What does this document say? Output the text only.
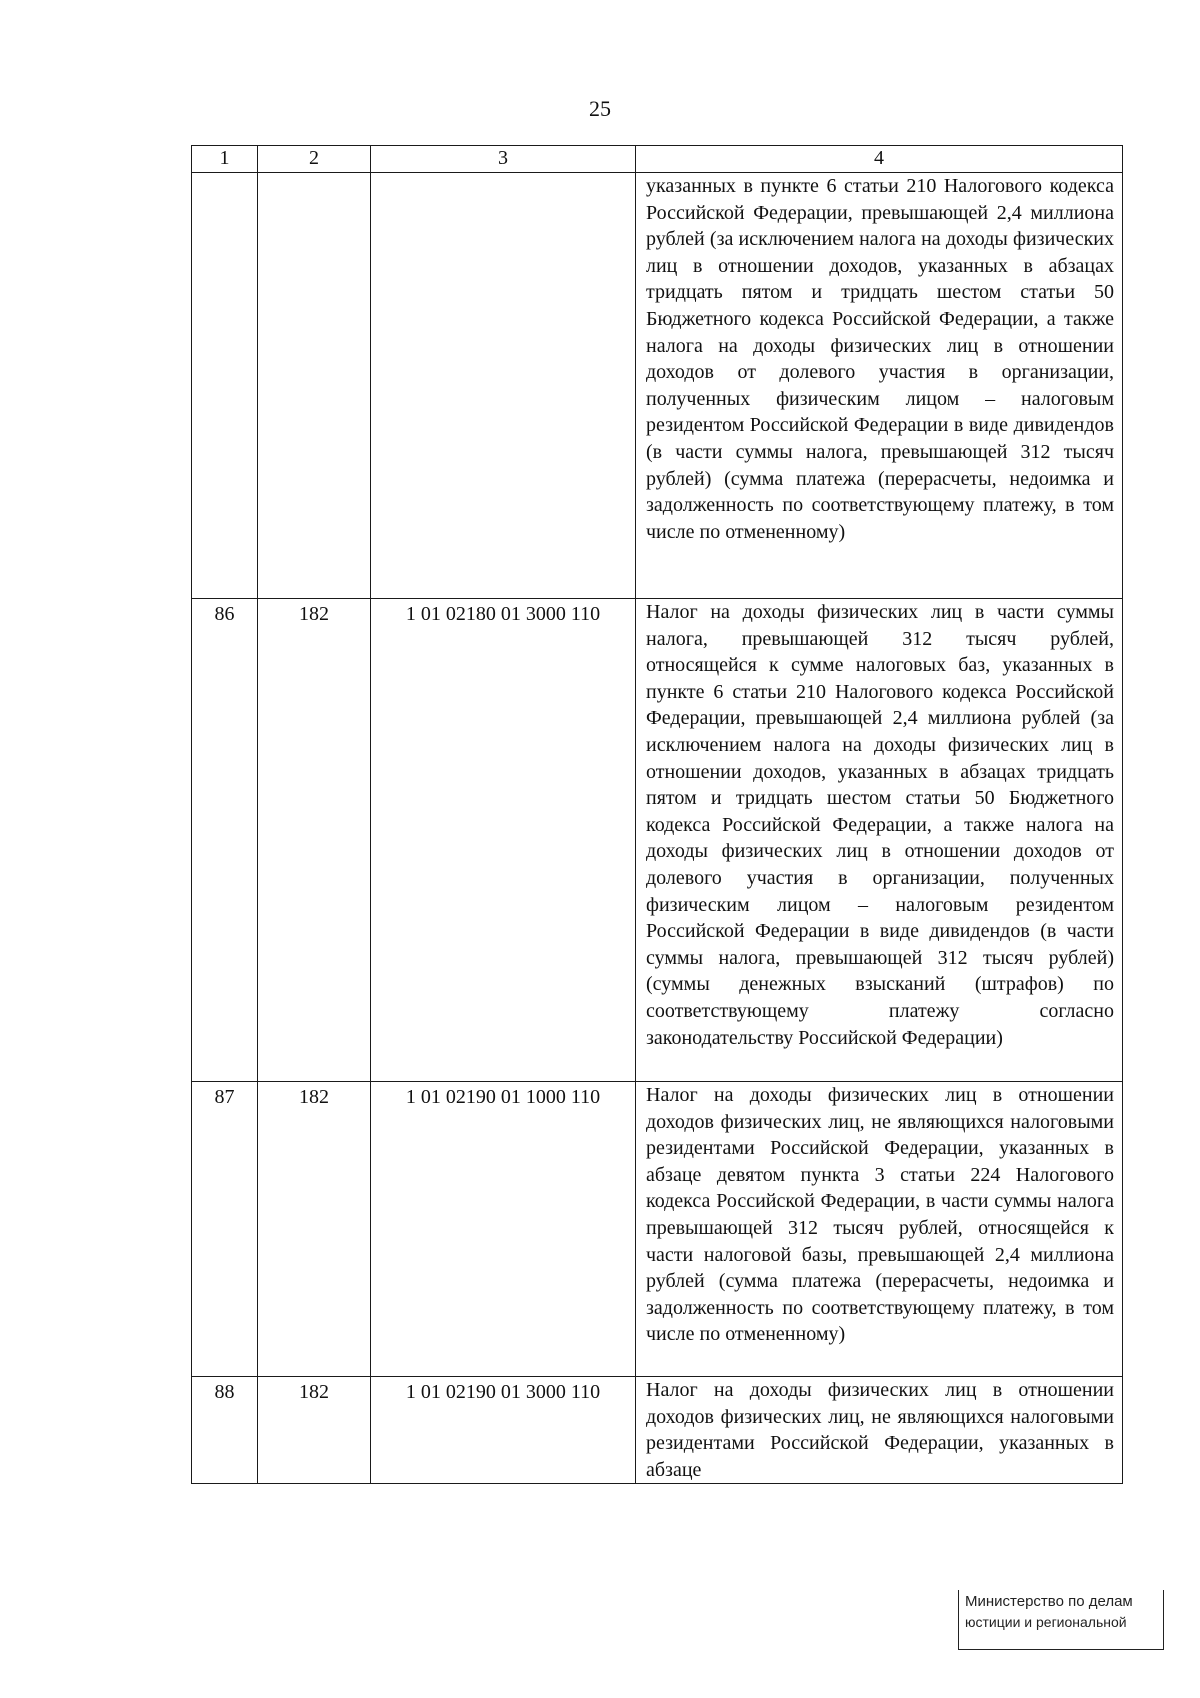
25
1	2	3	4
			указанных в пункте 6 статьи 210 Налогового кодекса Российской Федерации, превышающей 2,4 миллиона рублей (за исключением налога на доходы физических лиц в отношении доходов, указанных в абзацах тридцать пятом и тридцать шестом статьи 50 Бюджетного кодекса Российской Федерации, а также налога на доходы физических лиц в отношении доходов от долевого участия в организации, полученных физическим лицом – налоговым резидентом Российской Федерации в виде дивидендов (в части суммы налога, превышающей 312 тысяч рублей) (сумма платежа (перерасчеты, недоимка и задолженность по соответствующему платежу, в том числе по отмененному)
86	182	1 01 02180 01 3000 110	Налог на доходы физических лиц в части суммы налога, превышающей 312 тысяч рублей, относящейся к сумме налоговых баз, указанных в пункте 6 статьи 210 Налогового кодекса Российской Федерации, превышающей 2,4 миллиона рублей (за исключением налога на доходы физических лиц в отношении доходов, указанных в абзацах тридцать пятом и тридцать шестом статьи 50 Бюджетного кодекса Российской Федерации, а также налога на доходы физических лиц в отношении доходов от долевого участия в организации, полученных физическим лицом – налоговым резидентом Российской Федерации в виде дивидендов (в части суммы налога, превышающей 312 тысяч рублей) (суммы денежных взысканий (штрафов) по соответствующему платежу согласно законодательству Российской Федерации)
87	182	1 01 02190 01 1000 110	Налог на доходы физических лиц в отношении доходов физических лиц, не являющихся налоговыми резидентами Российской Федерации, указанных в абзаце девятом пункта 3 статьи 224 Налогового кодекса Российской Федерации, в части суммы налога превышающей 312 тысяч рублей, относящейся к части налоговой базы, превышающей 2,4 миллиона рублей (сумма платежа (перерасчеты, недоимка и задолженность по соответствующему платежу, в том числе по отмененному)
88	182	1 01 02190 01 3000 110	Налог на доходы физических лиц в отношении доходов физических лиц, не являющихся налоговыми резидентами Российской Федерации, указанных в абзаце
Министерство по делам
юстиции и региональной
